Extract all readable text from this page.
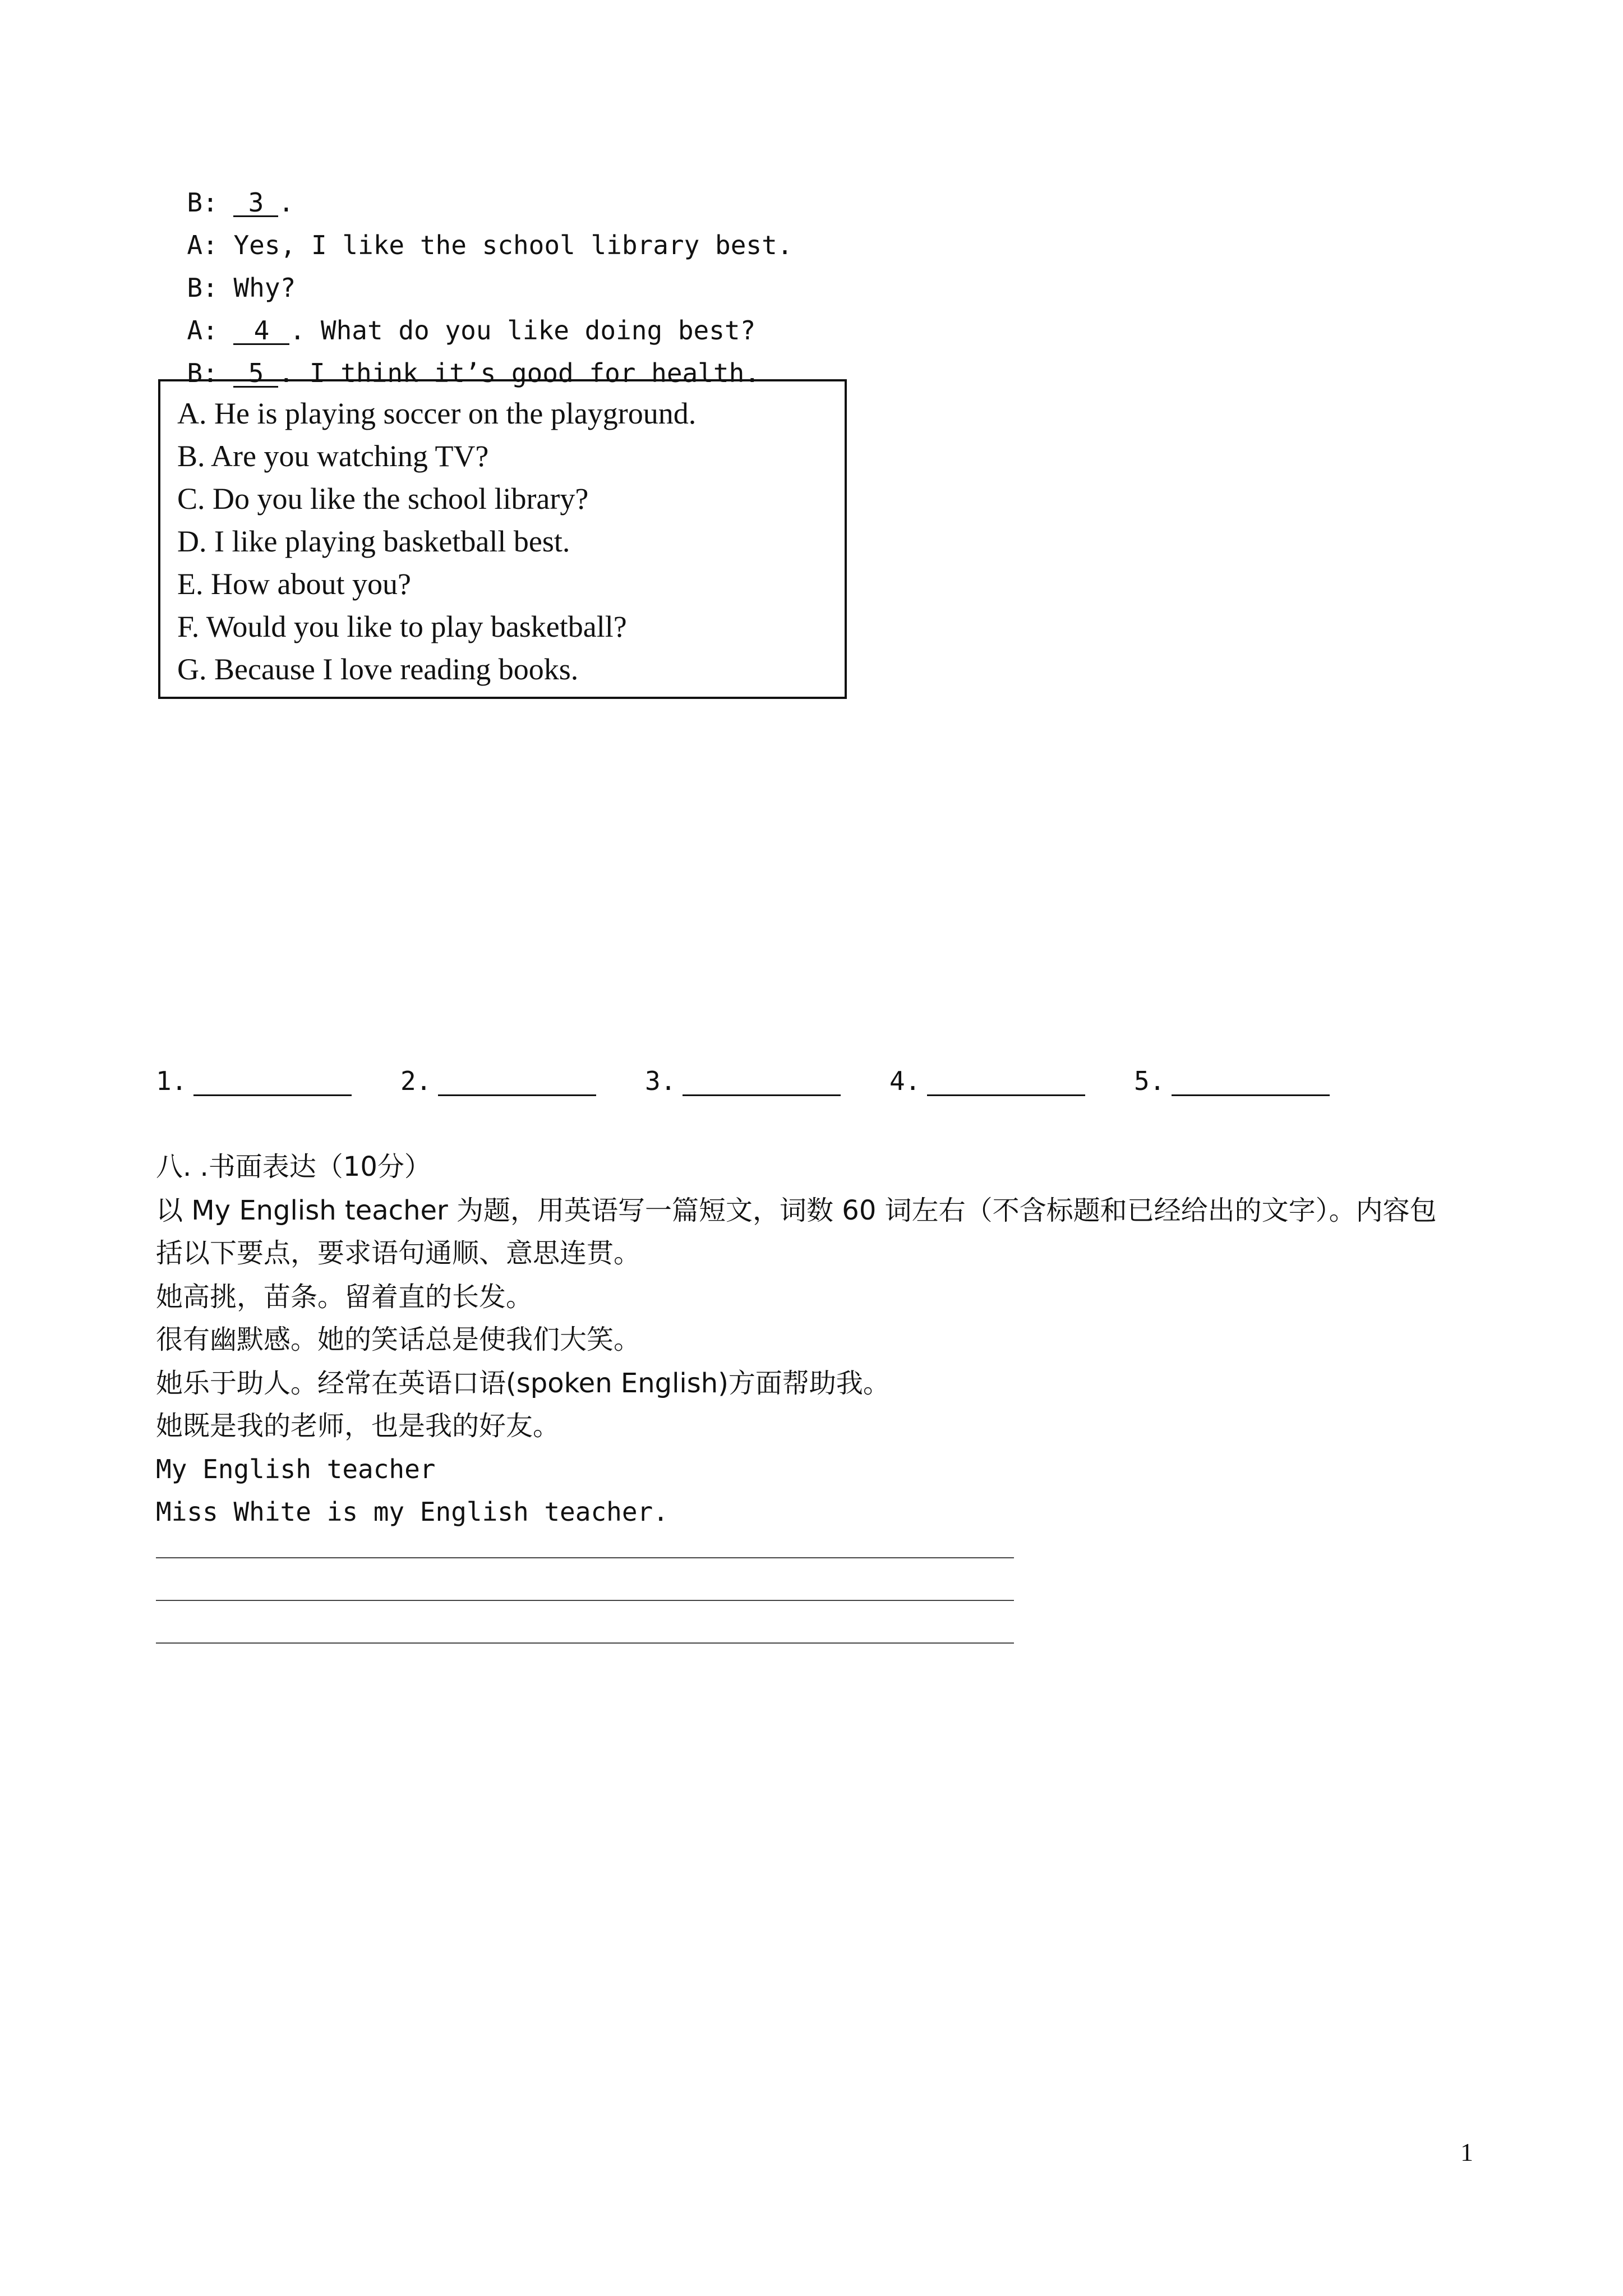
B: 3 .

A: Yes, I like the school library best.

B: Why?

A: 4 . What do you like doing best?

B: 5 . I think it’s good for health.

A. He is playing soccer on the playground.
B. Are you watching TV?
C. Do you like the school library?
D. I like playing basketball best.
E. How about you?
F. Would you like to play basketball?
G. Because I love reading books.
1.	2.	3.	4.	5.
八. .书面表达（10分）
以 My English teacher 为题，用英语写一篇短文，词数 60 词左右（不含标题和已经给出的文字）。内容包
括以下要点，要求语句通顺、意思连贯。
她高挑，苗条。留着直的长发。
很有幽默感。她的笑话总是使我们大笑。
她乐于助人。经常在英语口语(spoken English)方面帮助我。
她既是我的老师，也是我的好友。
My English teacher
Miss White is my English teacher.
1
